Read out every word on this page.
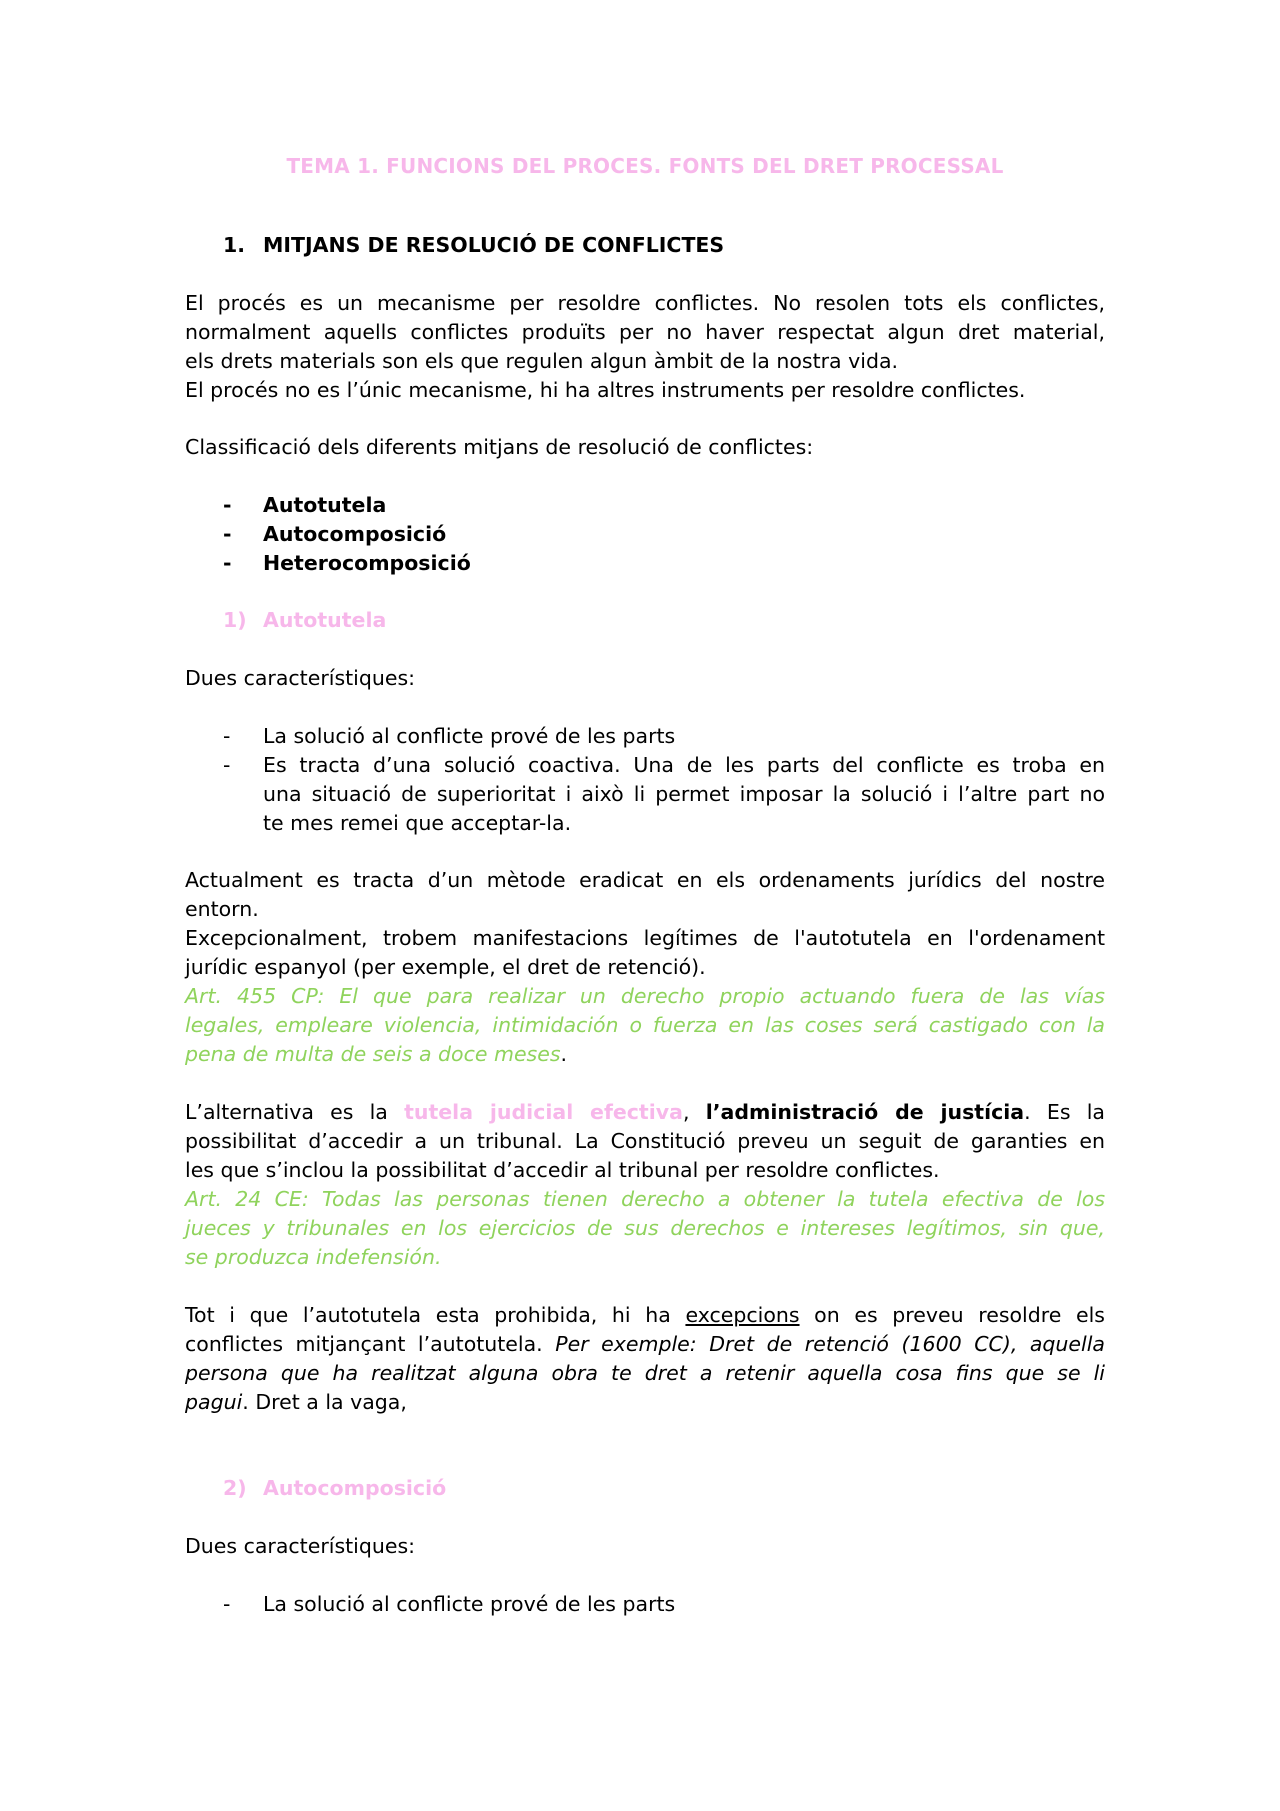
TEMA 1. FUNCIONS DEL PROCES. FONTS DEL DRET PROCESSAL
1. MITJANS DE RESOLUCIÓ DE CONFLICTES
El procés es un mecanisme per resoldre conflictes. No resolen tots els conflictes,
normalment aquells conflictes produïts per no haver respectat algun dret material,
els drets materials son els que regulen algun àmbit de la nostra vida.
El procés no es l’únic mecanisme, hi ha altres instruments per resoldre conflictes.
Classificació dels diferents mitjans de resolució de conflictes:
- Autotutela
- Autocomposició
- Heterocomposició
1) Autotutela
Dues característiques:
- La solució al conflicte prové de les parts
- Es tracta d’una solució coactiva. Una de les parts del conflicte es troba en
una situació de superioritat i això li permet imposar la solució i l’altre part no
te mes remei que acceptar-la.
Actualment es tracta d’un mètode eradicat en els ordenaments jurídics del nostre
entorn.
Excepcionalment, trobem manifestacions legítimes de l'autotutela en l'ordenament
jurídic espanyol (per exemple, el dret de retenció).
Art. 455 CP: El que para realizar un derecho propio actuando fuera de las vías
legales, empleare violencia, intimidación o fuerza en las coses será castigado con la
pena de multa de seis a doce meses.
L’alternativa es la tutela judicial efectiva, l’administració de justícia. Es la
possibilitat d’accedir a un tribunal. La Constitució preveu un seguit de garanties en
les que s’inclou la possibilitat d’accedir al tribunal per resoldre conflictes.
Art. 24 CE: Todas las personas tienen derecho a obtener la tutela efectiva de los
jueces y tribunales en los ejercicios de sus derechos e intereses legítimos, sin que,
se produzca indefensión.
Tot i que l’autotutela esta prohibida, hi ha excepcions on es preveu resoldre els
conflictes mitjançant l’autotutela. Per exemple: Dret de retenció (1600 CC), aquella
persona que ha realitzat alguna obra te dret a retenir aquella cosa fins que se li
pagui. Dret a la vaga,
2) Autocomposició
Dues característiques:
- La solució al conflicte prové de les parts
